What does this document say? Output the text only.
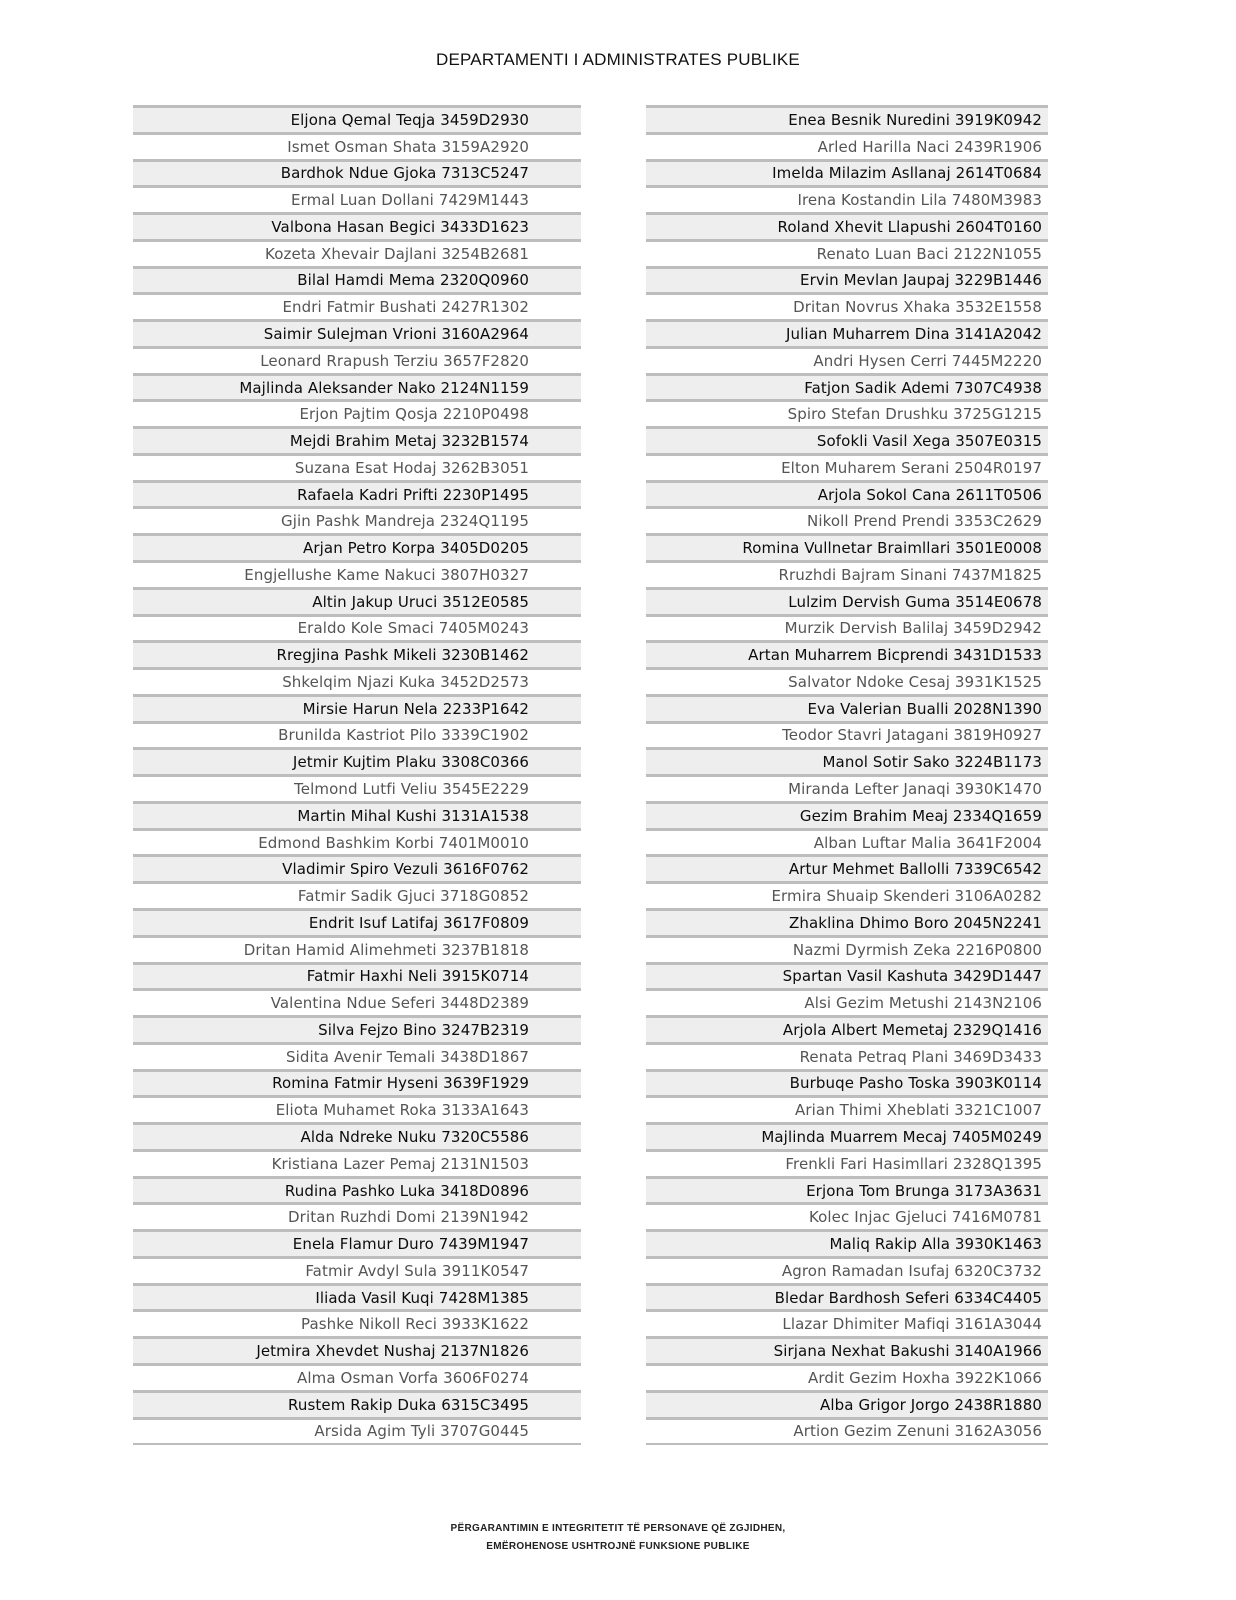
DEPARTAMENTI I ADMINISTRATES PUBLIKE
Eljona Qemal Teqja 3459D2930
Ismet Osman Shata 3159A2920
Bardhok Ndue Gjoka 7313C5247
Ermal Luan Dollani 7429M1443
Valbona Hasan Begici 3433D1623
Kozeta Xhevair Dajlani 3254B2681
Bilal Hamdi Mema 2320Q0960
Endri Fatmir Bushati 2427R1302
Saimir Sulejman Vrioni 3160A2964
Leonard Rrapush Terziu 3657F2820
Majlinda Aleksander Nako 2124N1159
Erjon Pajtim Qosja 2210P0498
Mejdi Brahim Metaj 3232B1574
Suzana Esat Hodaj 3262B3051
Rafaela Kadri Prifti 2230P1495
Gjin Pashk Mandreja 2324Q1195
Arjan Petro Korpa 3405D0205
Engjellushe Kame Nakuci 3807H0327
Altin Jakup Uruci 3512E0585
Eraldo Kole Smaci 7405M0243
Rregjina Pashk Mikeli 3230B1462
Shkelqim Njazi Kuka 3452D2573
Mirsie Harun Nela 2233P1642
Brunilda Kastriot Pilo 3339C1902
Jetmir Kujtim Plaku 3308C0366
Telmond Lutfi Veliu 3545E2229
Martin Mihal Kushi 3131A1538
Edmond Bashkim Korbi 7401M0010
Vladimir Spiro Vezuli 3616F0762
Fatmir Sadik Gjuci 3718G0852
Endrit Isuf Latifaj 3617F0809
Dritan Hamid Alimehmeti 3237B1818
Fatmir Haxhi Neli 3915K0714
Valentina Ndue Seferi 3448D2389
Silva Fejzo Bino 3247B2319
Sidita Avenir Temali 3438D1867
Romina Fatmir Hyseni 3639F1929
Eliota Muhamet Roka 3133A1643
Alda Ndreke Nuku 7320C5586
Kristiana Lazer Pemaj 2131N1503
Rudina Pashko Luka 3418D0896
Dritan Ruzhdi Domi 2139N1942
Enela Flamur Duro 7439M1947
Fatmir Avdyl Sula 3911K0547
Iliada Vasil Kuqi 7428M1385
Pashke Nikoll Reci 3933K1622
Jetmira Xhevdet Nushaj 2137N1826
Alma Osman Vorfa 3606F0274
Rustem Rakip Duka 6315C3495
Arsida Agim Tyli 3707G0445
Enea Besnik Nuredini 3919K0942
Arled Harilla Naci 2439R1906
Imelda Milazim Asllanaj 2614T0684
Irena Kostandin Lila 7480M3983
Roland Xhevit Llapushi 2604T0160
Renato Luan Baci 2122N1055
Ervin Mevlan Jaupaj 3229B1446
Dritan Novrus Xhaka 3532E1558
Julian Muharrem Dina 3141A2042
Andri Hysen Cerri 7445M2220
Fatjon Sadik Ademi 7307C4938
Spiro Stefan Drushku 3725G1215
Sofokli Vasil Xega 3507E0315
Elton Muharem Serani 2504R0197
Arjola Sokol Cana 2611T0506
Nikoll Prend Prendi 3353C2629
Romina Vullnetar Braimllari 3501E0008
Rruzhdi Bajram Sinani 7437M1825
Lulzim Dervish Guma 3514E0678
Murzik Dervish Balilaj 3459D2942
Artan Muharrem Bicprendi 3431D1533
Salvator Ndoke Cesaj 3931K1525
Eva Valerian Bualli 2028N1390
Teodor Stavri Jatagani 3819H0927
Manol Sotir Sako 3224B1173
Miranda Lefter Janaqi 3930K1470
Gezim Brahim Meaj 2334Q1659
Alban Luftar Malia 3641F2004
Artur Mehmet Ballolli 7339C6542
Ermira Shuaip Skenderi 3106A0282
Zhaklina Dhimo Boro 2045N2241
Nazmi Dyrmish Zeka 2216P0800
Spartan Vasil Kashuta 3429D1447
Alsi Gezim Metushi 2143N2106
Arjola Albert Memetaj 2329Q1416
Renata Petraq Plani 3469D3433
Burbuqe Pasho Toska 3903K0114
Arian Thimi Xheblati 3321C1007
Majlinda Muarrem Mecaj 7405M0249
Frenkli Fari Hasimllari 2328Q1395
Erjona Tom Brunga 3173A3631
Kolec Injac Gjeluci 7416M0781
Maliq Rakip Alla 3930K1463
Agron Ramadan Isufaj 6320C3732
Bledar Bardhosh Seferi 6334C4405
Llazar Dhimiter Mafiqi 3161A3044
Sirjana Nexhat Bakushi 3140A1966
Ardit Gezim Hoxha 3922K1066
Alba Grigor Jorgo 2438R1880
Artion Gezim Zenuni 3162A3056
PËRGARANTIMIN E INTEGRITETIT TË PERSONAVE QË ZGJIDHEN,
EMËROHENOSE USHTROJNË FUNKSIONE PUBLIKE
